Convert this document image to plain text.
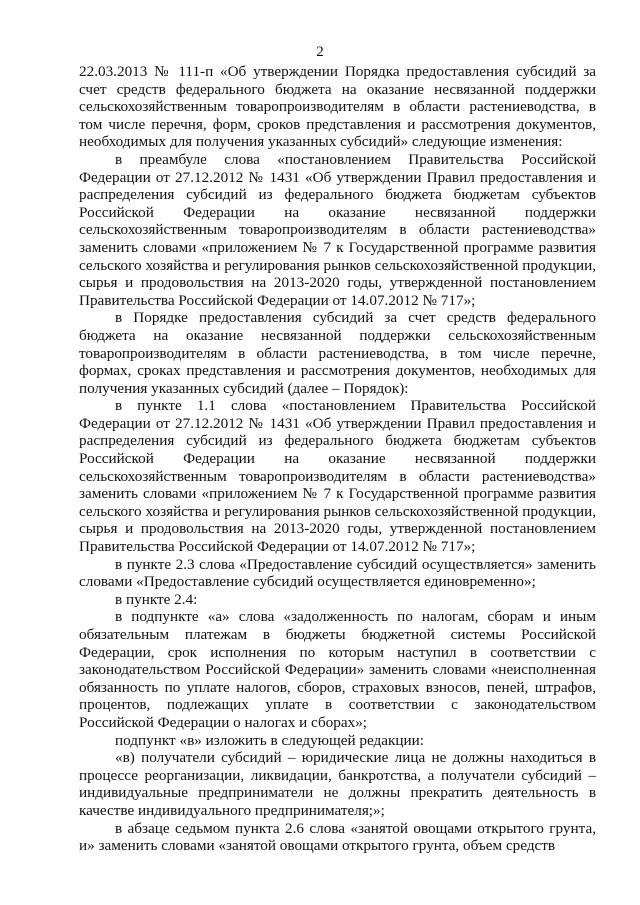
2

22.03.2013 № 111-п «Об утверждении Порядка предоставления субсидий за счет средств федерального бюджета на оказание несвязанной поддержки сельскохозяйственным товаропроизводителям в области растениеводства, в том числе перечня, форм, сроков представления и рассмотрения документов, необходимых для получения указанных субсидий» следующие изменения:

в преамбуле слова «постановлением Правительства Российской Федерации от 27.12.2012 № 1431 «Об утверждении Правил предоставления и распределения субсидий из федерального бюджета бюджетам субъектов Российской Федерации на оказание несвязанной поддержки сельскохозяйственным товаропроизводителям в области растениеводства» заменить словами «приложением № 7 к Государственной программе развития сельского хозяйства и регулирования рынков сельскохозяйственной продукции, сырья и продовольствия на 2013-2020 годы, утвержденной постановлением Правительства Российской Федерации от 14.07.2012 № 717»;

в Порядке предоставления субсидий за счет средств федерального бюджета на оказание несвязанной поддержки сельскохозяйственным товаропроизводителям в области растениеводства, в том числе перечне, формах, сроках представления и рассмотрения документов, необходимых для получения указанных субсидий (далее – Порядок):

в пункте 1.1 слова «постановлением Правительства Российской Федерации от 27.12.2012 № 1431 «Об утверждении Правил предоставления и распределения субсидий из федерального бюджета бюджетам субъектов Российской Федерации на оказание несвязанной поддержки сельскохозяйственным товаропроизводителям в области растениеводства» заменить словами «приложением № 7 к Государственной программе развития сельского хозяйства и регулирования рынков сельскохозяйственной продукции, сырья и продовольствия на 2013-2020 годы, утвержденной постановлением Правительства Российской Федерации от 14.07.2012 № 717»;

в пункте 2.3 слова «Предоставление субсидий осуществляется» заменить словами «Предоставление субсидий осуществляется единовременно»;

в пункте 2.4:

в подпункте «а» слова «задолженность по налогам, сборам и иным обязательным платежам в бюджеты бюджетной системы Российской Федерации, срок исполнения по которым наступил в соответствии с законодательством Российской Федерации» заменить словами «неисполненная обязанность по уплате налогов, сборов, страховых взносов, пеней, штрафов, процентов, подлежащих уплате в соответствии с законодательством Российской Федерации о налогах и сборах»;

подпункт «в» изложить в следующей редакции:

«в) получатели субсидий – юридические лица не должны находиться в процессе реорганизации, ликвидации, банкротства, а получатели субсидий – индивидуальные предприниматели не должны прекратить деятельность в качестве индивидуального предпринимателя;»;

в абзаце седьмом пункта 2.6 слова «занятой овощами открытого грунта, и» заменить словами «занятой овощами открытого грунта, объем средств
